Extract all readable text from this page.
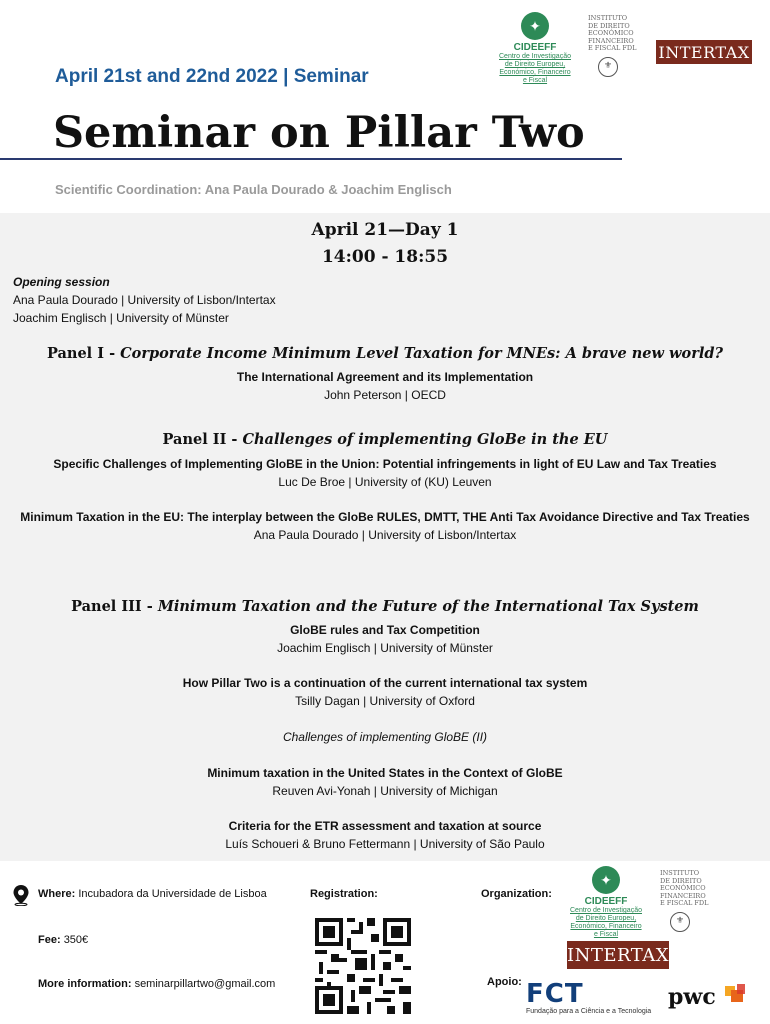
April 21st and 22nd 2022 | Seminar
Seminar on Pillar Two
Scientific Coordination: Ana Paula Dourado & Joachim Englisch
✦
CIDEEFF
Centro de Investigação
de Direito Europeu,
Económico, Financeiro
e Fiscal
INSTITUTO
DE DIREITO
ECONÓMICO
FINANCEIRO
E FISCAL FDL
⚜
INTERTAX
April 21—Day 1
14:00 - 18:55
Opening session
Ana Paula Dourado | University of Lisbon/Intertax
Joachim Englisch | University of Münster
Panel I - Corporate Income Minimum Level Taxation for MNEs: A brave new world?
The International Agreement and its Implementation
John Peterson | OECD
Panel II - Challenges of implementing GloBe in the EU
Specific Challenges of Implementing GloBE in the Union: Potential infringements in light of EU Law and Tax Treaties
Luc De Broe | University of (KU) Leuven
Minimum Taxation in the EU: The interplay between the GloBe RULES, DMTT, THE Anti Tax Avoidance Directive and Tax Treaties
Ana Paula Dourado | University of Lisbon/Intertax
Panel III - Minimum Taxation and the Future of the International Tax System
GloBE rules and Tax Competition
Joachim Englisch | University of Münster
How Pillar Two is a continuation of the current international tax system
Tsilly Dagan | University of Oxford
Challenges of implementing GloBE (II)
Minimum taxation in the United States in the Context of GloBE
Reuven Avi-Yonah | University of Michigan
Criteria for the ETR assessment and taxation at source
Luís Schoueri & Bruno Fettermann | University of São Paulo
Where: Incubadora da Universidade de Lisboa
Fee: 350€
More information: seminarpillartwo@gmail.com
Registration:	Organization:
✦
CIDEEFF
Centro de Investigação
de Direito Europeu,
Económico, Financeiro
e Fiscal
INSTITUTO
DE DIREITO
ECONÓMICO
FINANCEIRO
E FISCAL FDL
⚜
INTERTAX
Apoio: FCT
Fundação para a Ciência e a Tecnologia
pwc
